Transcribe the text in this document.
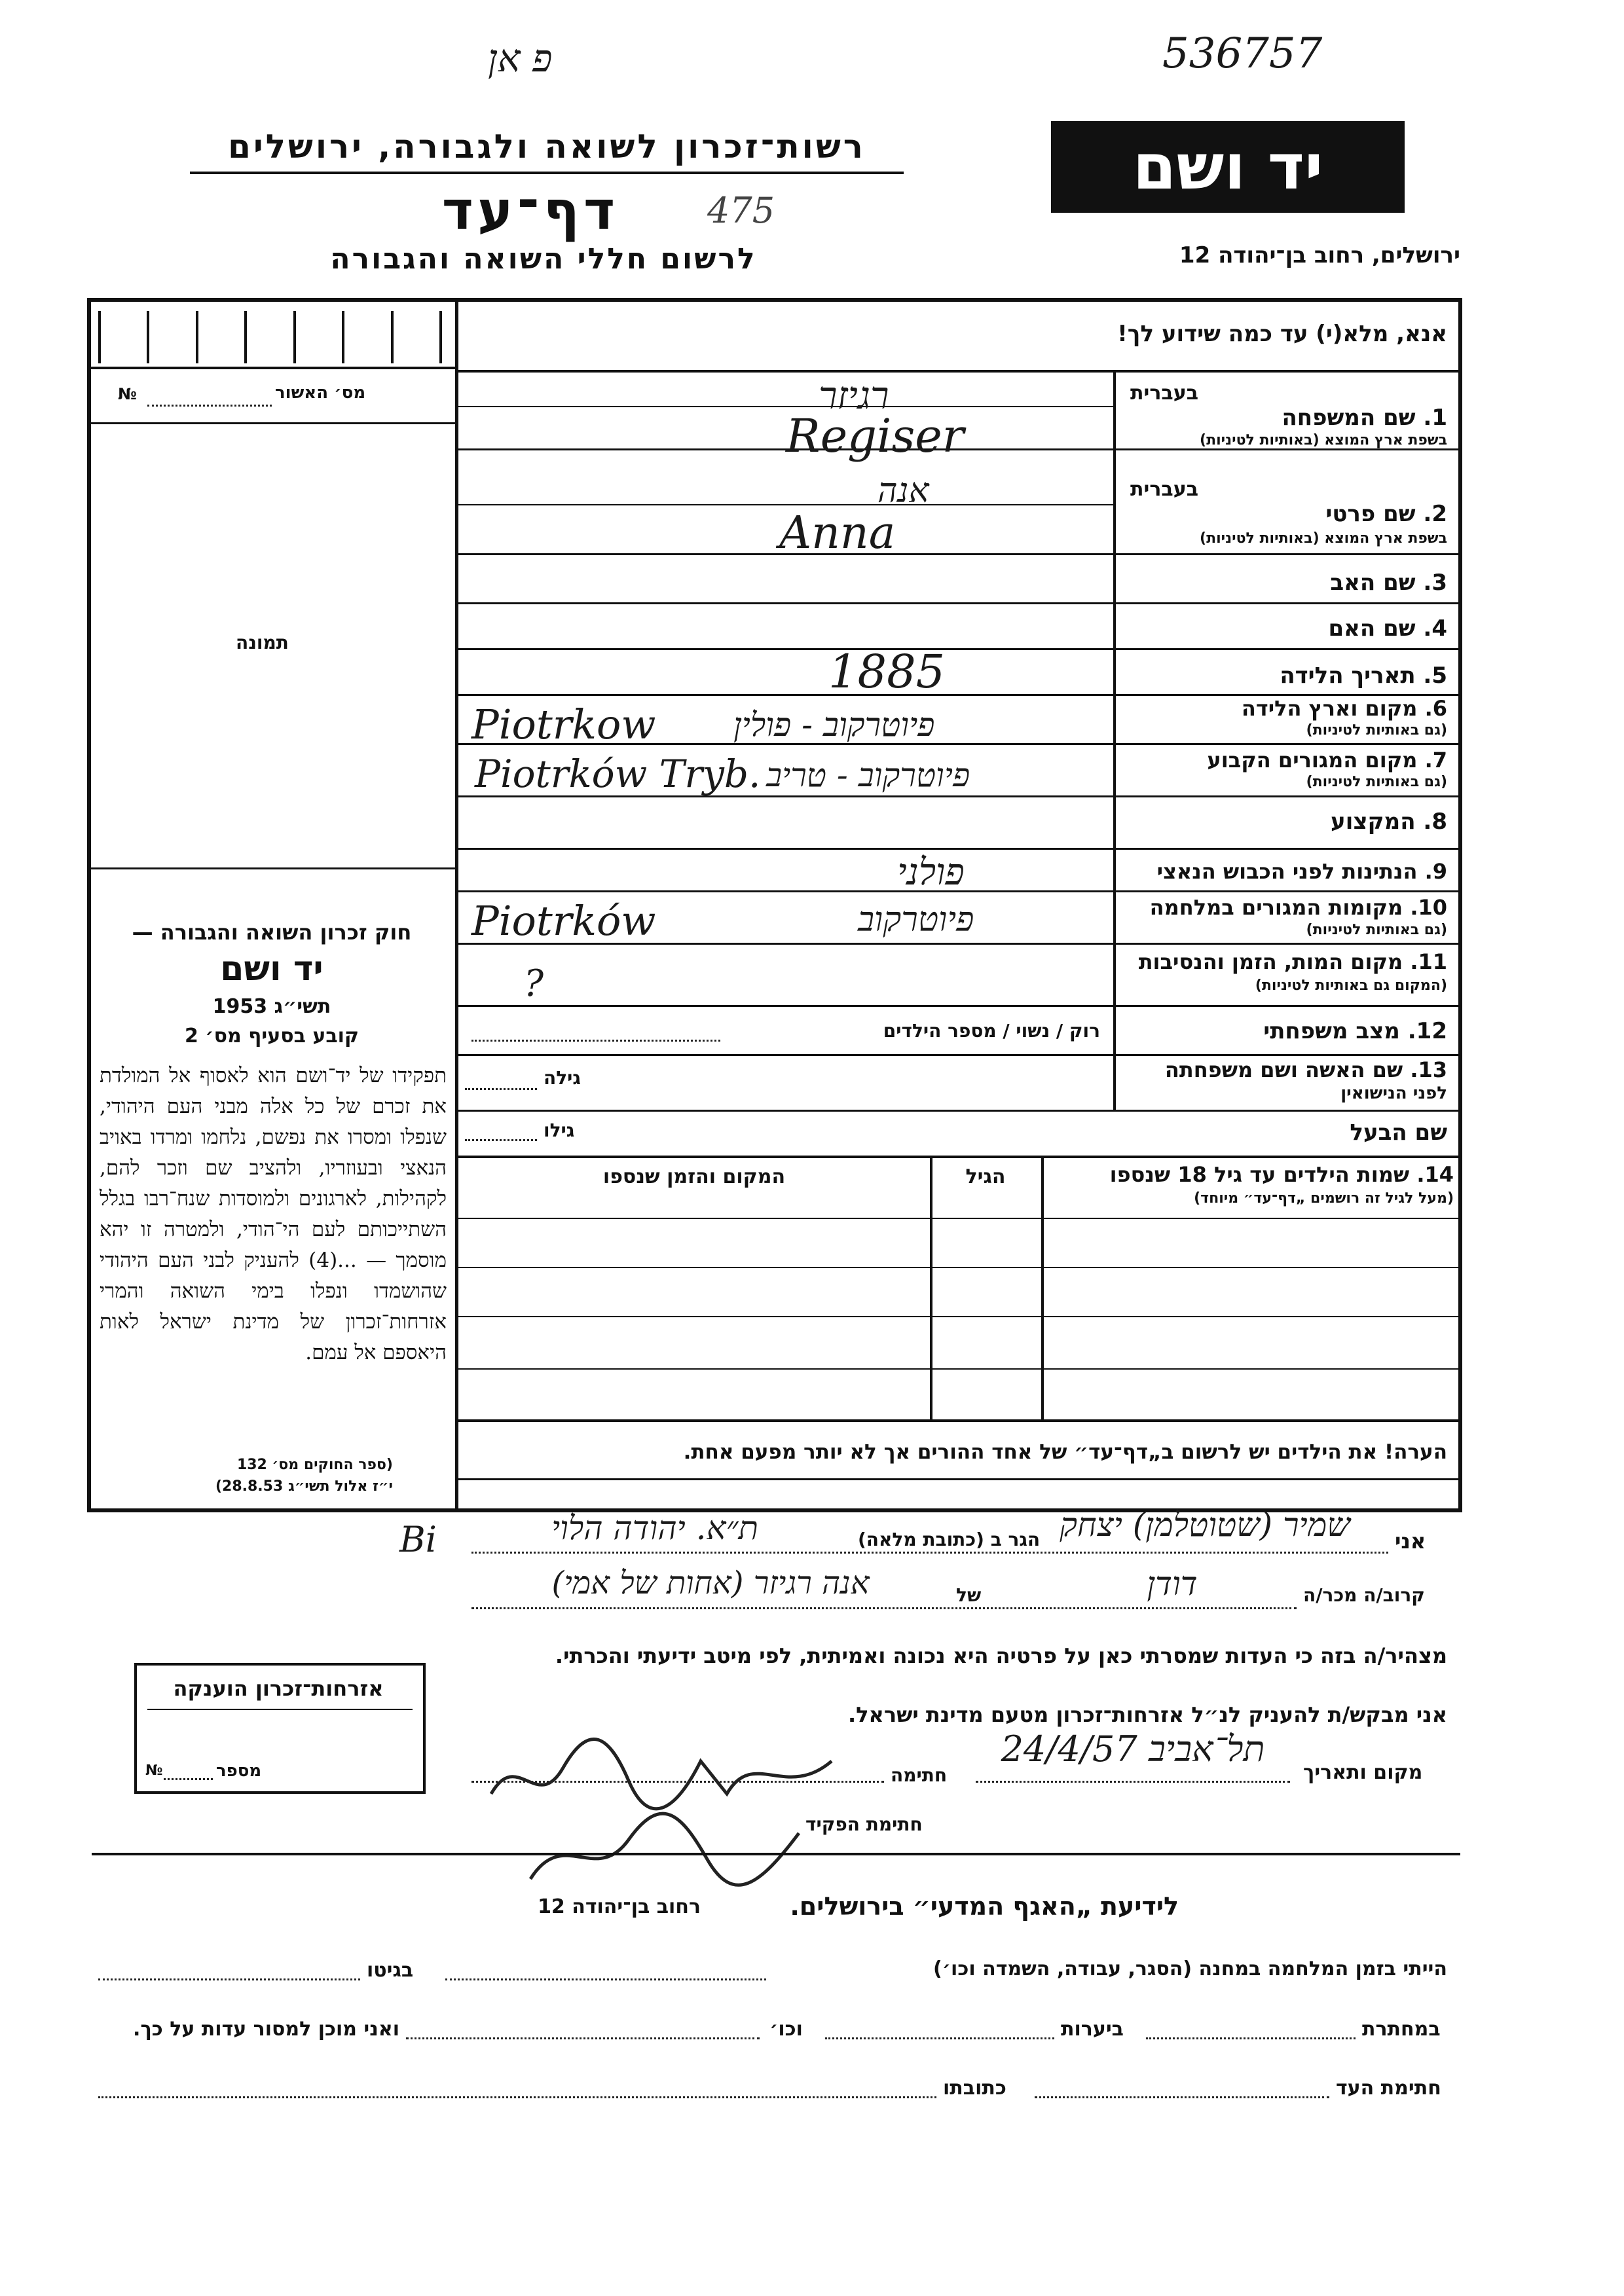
פ אן	536757
רשות־זכרון לשואה ולגבורה, ירושלים
475
דף־עד
לרשום חללי השואה והגבורה
יד ושם
ירושלים, רחוב בן־יהודה 12
אנא, מלא(י) עד כמה שידוע לך!
מס׳ האשור
№
תמונה
בעברית
1. שם המשפחה
בשפת ארץ המוצא (באותיות לטיניות)
רגיזר
Regiser
בעברית
2. שם פרטי
בשפת ארץ המוצא (באותיות לטיניות)
אנה
Anna
3. שם האב
4. שם האם
5. תאריך הלידה
1885
6. מקום וארץ הלידה
(גם באותיות לטיניות)
Piotrkow פיוטרקוב - פולין
7. מקום המגורים הקבוע
(גם באותיות לטיניות)
Piotrków Tryb. פיוטרקוב - טריב
8. המקצוע
9. הנתינות לפני הכבוש הנאצי
פולני
10. מקומות המגורים במלחמה
(גם באותיות לטיניות)
Piotrków	פיוטרקוב
11. מקום המות, הזמן והנסיבות
(המקום גם באותיות לטיניות)
?
12. מצב משפחתי
רוק / נשוי / מספר הילדים
13. שם האשה ושם משפחתה
לפני הנישואין
גילה
שם הבעל
גילו
14. שמות הילדים עד גיל 18 שנספו
(מעל לגיל זה רושמים „דף־עד״ מיוחד)
הגיל
המקום והזמן שנספו
חוק זכרון השואה והגבורה —
יד ושם
תשי״ג 1953
קובע בסעיף מס׳ 2
תפקידו של יד־ושם הוא לאסוף אל המולדת את זכרם של כל אלה מבני העם היהודי, שנפלו ומסרו את נפשם, נלחמו ומרדו באויב הנאצי ובעוזריו, ולהציב שם וזכר להם, לקהילות, לארגונים ולמוסדות שנח־רבו בגלל השתייכותם לעם הי־הודי, ולמטרה זו יהא מוסמך — ...(4) להעניק לבני העם היהודי שהושמדו ונפלו בימי השואה והמרי אזרחות־זכרון של מדינת ישראל לאות היאספם אל עמם.
(ספר החוקים מס׳ 132
י״ז אלול תשי״ג 28.8.53)
הערה! את הילדים יש לרשום ב„דף־עד״ של אחד ההורים אך לא יותר מפעם אחת.
Bi	אני
שמיר (שטוטלמן) יצחק
הגר ב (כתובת מלאה)
ת״א. יהודה הלוי
קרוב/ה מכר/ה
דודן
של
אנה רגיזר (אחות של אמי)
מצהיר/ה בזה כי העדות שמסרתי כאן על פרטיה היא נכונה ואמיתית, לפי מיטב ידיעתי והכרתי.
אני מבקש/ת להעניק לנ״ל אזרחות־זכרון מטעם מדינת ישראל.
מקום ותאריך
תל־אביב 24/4/57
חתימה
חתימת הפקיד
אזרחות־זכרון הוענקה
מספר
№
לידיעת „האגף המדעי״ בירושלים.
רחוב בן־יהודה 12
הייתי בזמן המלחמה במחנה (הסגר, עבודה, השמדה וכו׳)
בגיטו
במחתרת
ביערות
וכו׳
ואני מוכן למסור עדות על כך.
חתימת העד
כתובתו
